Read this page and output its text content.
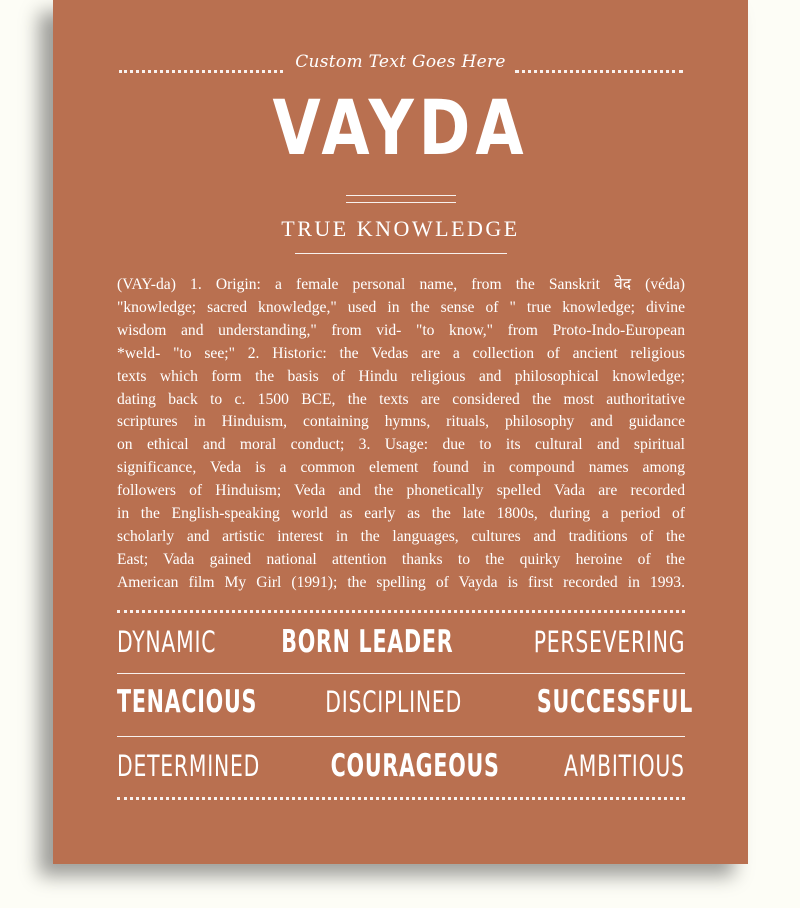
Custom Text Goes Here
VAYDA
TRUE KNOWLEDGE

(VAY-da) 1. Origin: a female personal name, from the Sanskrit वेद (véda)

"knowledge; sacred knowledge," used in the sense of " true knowledge; divine

wisdom and understanding," from vid- "to know," from Proto-Indo-European

*weld- "to see;" 2. Historic: the Vedas are a collection of ancient religious

texts which form the basis of Hindu religious and philosophical knowledge;

dating back to c. 1500 BCE, the texts are considered the most authoritative

scriptures in Hinduism, containing hymns, rituals, philosophy and guidance

on ethical and moral conduct; 3. Usage: due to its cultural and spiritual

significance, Veda is a common element found in compound names among

followers of Hinduism; Veda and the phonetically spelled Vada are recorded

in the English-speaking world as early as the late 1800s, during a period of

scholarly and artistic interest in the languages, cultures and traditions of the

East; Vada gained national attention thanks to the quirky heroine of the

American film My Girl (1991); the spelling of Vayda is first recorded in 1993.

DYNAMIC BORN LEADER	PERSEVERING
TENACIOUS DISCIPLINED SUCCESSFUL
DETERMINED COURAGEOUS AMBITIOUS
